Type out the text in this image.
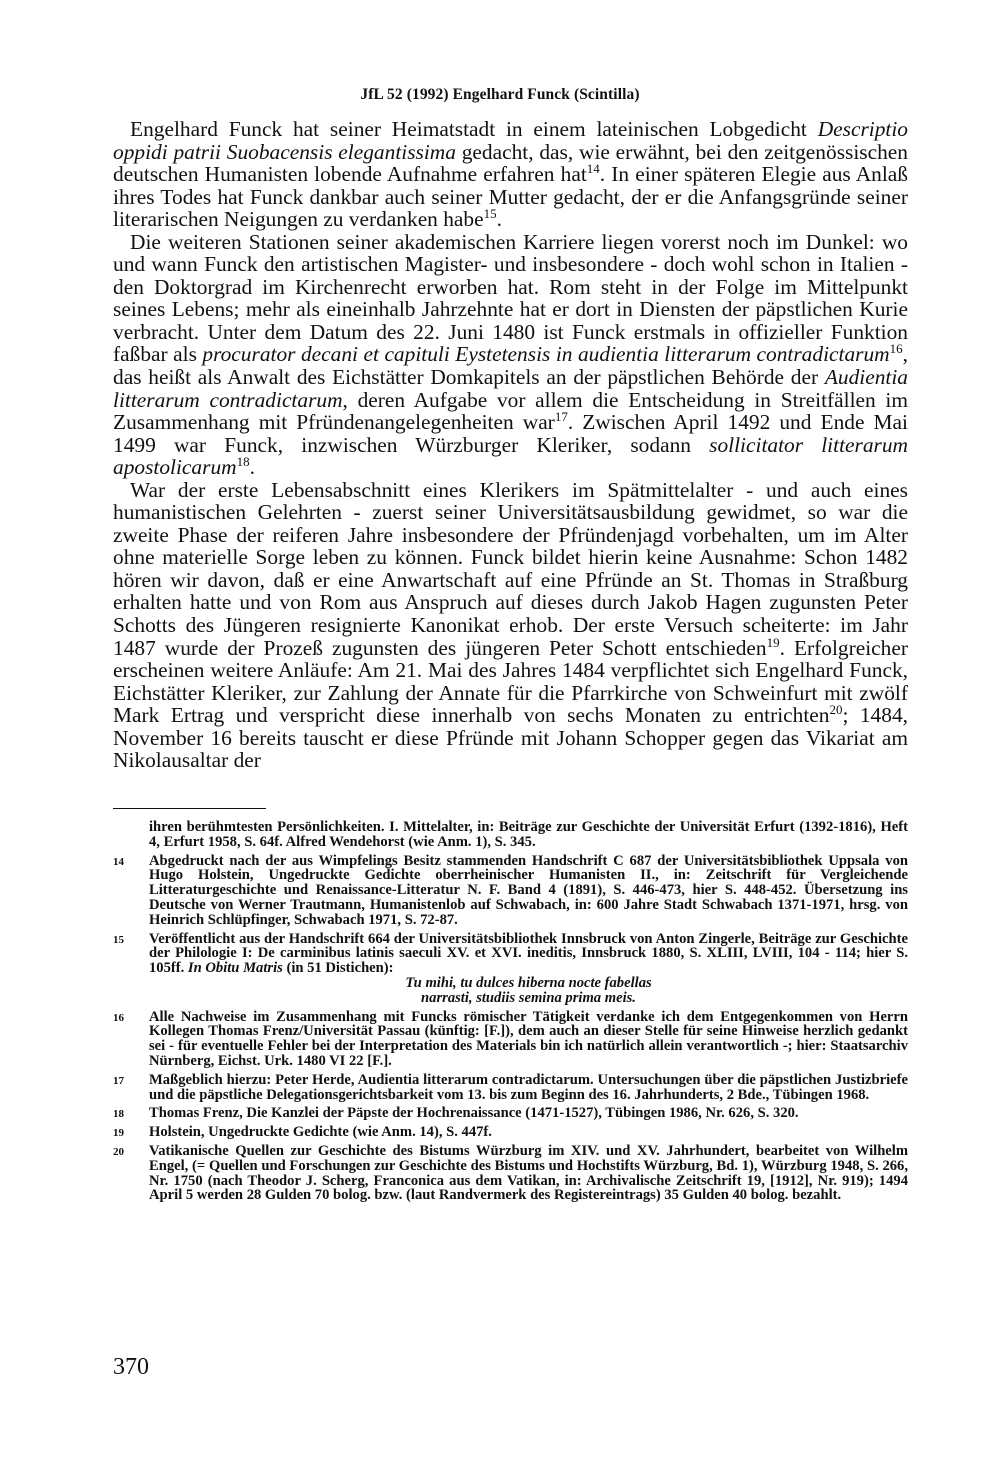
JfL 52 (1992) Engelhard Funck (Scintilla)

Engelhard Funck hat seiner Heimatstadt in einem lateinischen Lobgedicht Descriptio oppidi patrii Suobacensis elegantissima gedacht, das, wie erwähnt, bei den zeitgenössischen deutschen Humanisten lobende Aufnahme erfahren hat$^{14}$. In einer späteren Elegie aus Anlaß ihres Todes hat Funck dankbar auch seiner Mutter gedacht, der er die Anfangsgründe seiner literarischen Neigungen zu verdanken habe$^{15}$.

Die weiteren Stationen seiner akademischen Karriere liegen vorerst noch im Dunkel: wo und wann Funck den artistischen Magister- und insbesondere - doch wohl schon in Italien - den Doktorgrad im Kirchenrecht erworben hat. Rom steht in der Folge im Mittelpunkt seines Lebens; mehr als eineinhalb Jahrzehnte hat er dort in Diensten der päpstlichen Kurie verbracht. Unter dem Datum des 22. Juni 1480 ist Funck erstmals in offizieller Funktion faßbar als procurator decani et capituli Eystetensis in audientia litterarum contradictarum$^{16}$, das heißt als Anwalt des Eichstätter Domkapitels an der päpstlichen Behörde der Audientia litterarum contradictarum, deren Aufgabe vor allem die Entscheidung in Streitfällen im Zusammenhang mit Pfründenangelegenheiten war$^{17}$. Zwischen April 1492 und Ende Mai 1499 war Funck, inzwischen Würzburger Kleriker, sodann sollicitator litterarum apostolicarum$^{18}$.

War der erste Lebensabschnitt eines Klerikers im Spätmittelalter - und auch eines humanistischen Gelehrten - zuerst seiner Universitätsausbildung gewidmet, so war die zweite Phase der reiferen Jahre insbesondere der Pfründenjagd vorbehalten, um im Alter ohne materielle Sorge leben zu können. Funck bildet hierin keine Ausnahme: Schon 1482 hören wir davon, daß er eine Anwartschaft auf eine Pfründe an St. Thomas in Straßburg erhalten hatte und von Rom aus Anspruch auf dieses durch Jakob Hagen zugunsten Peter Schotts des Jüngeren resignierte Kanonikat erhob. Der erste Versuch scheiterte: im Jahr 1487 wurde der Prozeß zugunsten des jüngeren Peter Schott entschieden$^{19}$. Erfolgreicher erscheinen weitere Anläufe: Am 21. Mai des Jahres 1484 verpflichtet sich Engelhard Funck, Eichstätter Kleriker, zur Zahlung der Annate für die Pfarrkirche von Schweinfurt mit zwölf Mark Ertrag und verspricht diese innerhalb von sechs Monaten zu entrichten$^{20}$; 1484, November 16 bereits tauscht er diese Pfründe mit Johann Schopper gegen das Vikariat am Nikolausaltar der

ihren berühmtesten Persönlichkeiten. I. Mittelalter, in: Beiträge zur Geschichte der Universität Erfurt (1392-1816), Heft 4, Erfurt 1958, S. 64f. Alfred Wendehorst (wie Anm. 1), S. 345.
14 Abgedruckt nach der aus Wimpfelings Besitz stammenden Handschrift C 687 der Universitätsbibliothek Uppsala von Hugo Holstein, Ungedruckte Gedichte oberrheinischer Humanisten II., in: Zeitschrift für Vergleichende Litteraturgeschichte und Renaissance-Litteratur N. F. Band 4 (1891), S. 446-473, hier S. 448-452. Übersetzung ins Deutsche von Werner Trautmann, Humanistenlob auf Schwabach, in: 600 Jahre Stadt Schwabach 1371-1971, hrsg. von Heinrich Schlüpfinger, Schwabach 1971, S. 72-87.
15 Veröffentlicht aus der Handschrift 664 der Universitätsbibliothek Innsbruck von Anton Zingerle, Beiträge zur Geschichte der Philologie I: De carminibus latinis saeculi XV. et XVI. ineditis, Innsbruck 1880, S. XLIII, LVIII, 104 - 114; hier S. 105ff. In Obitu Matris (in 51 Distichen):
Tu mihi, tu dulces hiberna nocte fabellas
narrasti, studiis semina prima meis.
16 Alle Nachweise im Zusammenhang mit Funcks römischer Tätigkeit verdanke ich dem Entgegenkommen von Herrn Kollegen Thomas Frenz/Universität Passau (künftig: [F.]), dem auch an dieser Stelle für seine Hinweise herzlich gedankt sei - für eventuelle Fehler bei der Interpretation des Materials bin ich natürlich allein verantwortlich -; hier: Staatsarchiv Nürnberg, Eichst. Urk. 1480 VI 22 [F.].
17 Maßgeblich hierzu: Peter Herde, Audientia litterarum contradictarum. Untersuchungen über die päpstlichen Justizbriefe und die päpstliche Delegationsgerichtsbarkeit vom 13. bis zum Beginn des 16. Jahrhunderts, 2 Bde., Tübingen 1968.
18 Thomas Frenz, Die Kanzlei der Päpste der Hochrenaissance (1471-1527), Tübingen 1986, Nr. 626, S. 320.
19 Holstein, Ungedruckte Gedichte (wie Anm. 14), S. 447f.
20 Vatikanische Quellen zur Geschichte des Bistums Würzburg im XIV. und XV. Jahrhundert, bearbeitet von Wilhelm Engel, (= Quellen und Forschungen zur Geschichte des Bistums und Hochstifts Würzburg, Bd. 1), Würzburg 1948, S. 266, Nr. 1750 (nach Theodor J. Scherg, Franconica aus dem Vatikan, in: Archivalische Zeitschrift 19, [1912], Nr. 919); 1494 April 5 werden 28 Gulden 70 bolog. bzw. (laut Randvermerk des Registereintrags) 35 Gulden 40 bolog. bezahlt.
370
